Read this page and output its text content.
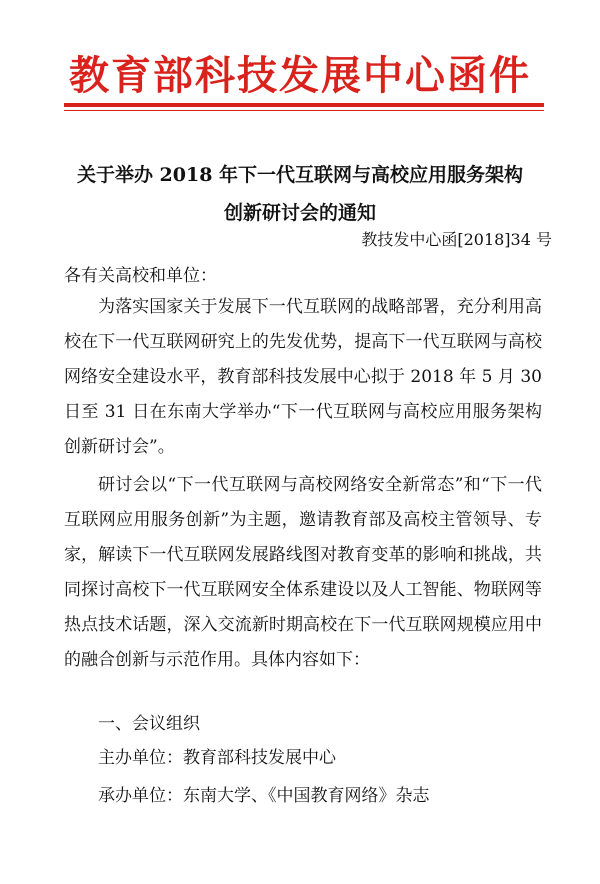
教育部科技发展中心函件
关于举办 2018 年下一代互联网与高校应用服务架构
创新研讨会的通知
教技发中心函[2018]34 号
各有关高校和单位：

为落实国家关于发展下一代互联网的战略部署，充分利用高校在下一代互联网研究上的先发优势，提高下一代互联网与高校网络安全建设水平，教育部科技发展中心拟于 2018 年 5 月 30 日至 31 日在东南大学举办“下一代互联网与高校应用服务架构创新研讨会”。

研讨会以“下一代互联网与高校网络安全新常态”和“下一代互联网应用服务创新”为主题，邀请教育部及高校主管领导、专家，解读下一代互联网发展路线图对教育变革的影响和挑战，共同探讨高校下一代互联网安全体系建设以及人工智能、物联网等热点技术话题，深入交流新时期高校在下一代互联网规模应用中的融合创新与示范作用。具体内容如下：

一、会议组织
主办单位：教育部科技发展中心
承办单位：东南大学、《中国教育网络》杂志
